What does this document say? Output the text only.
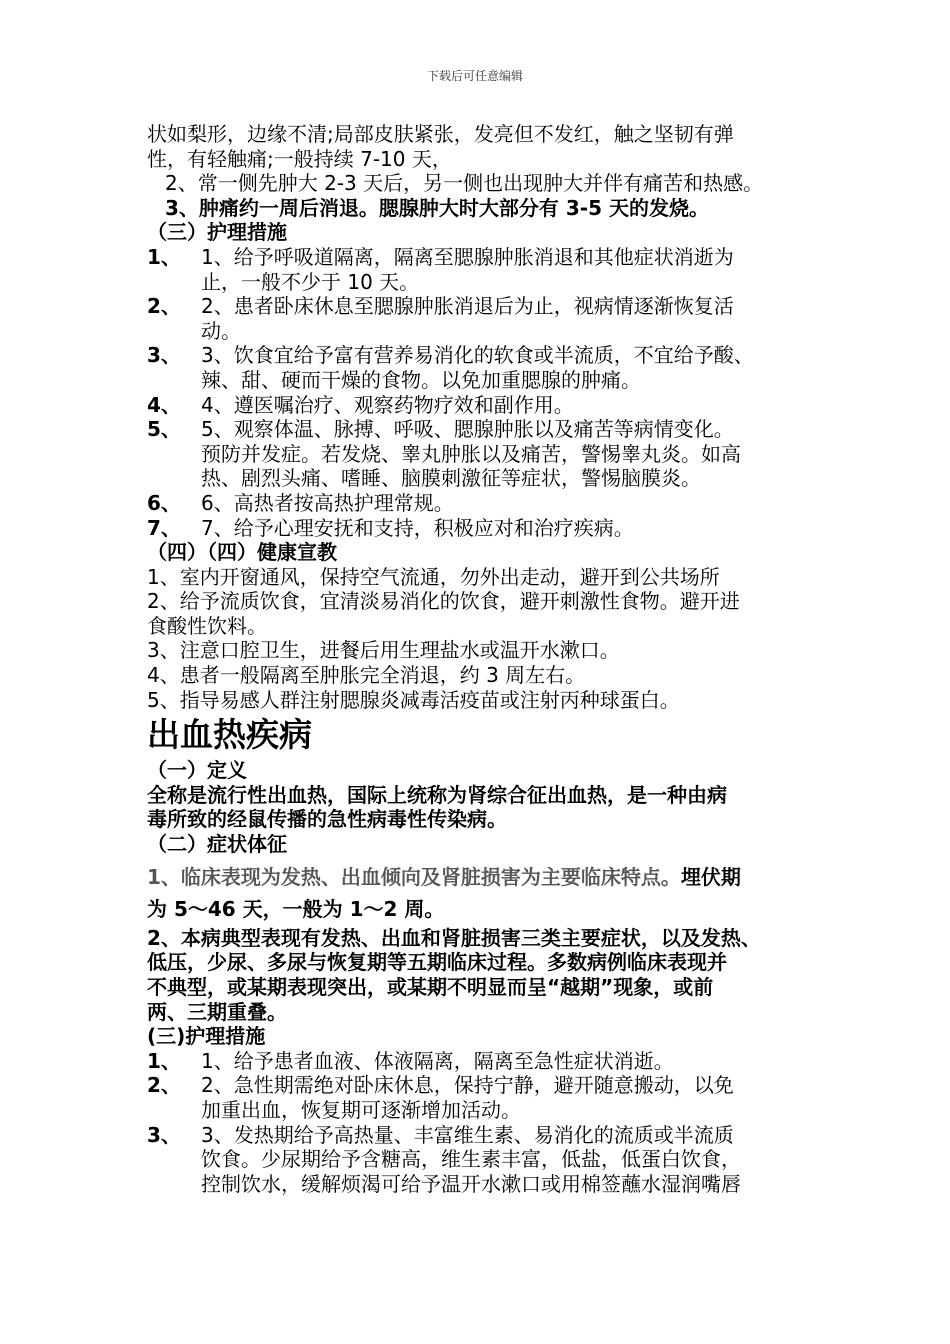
下载后可任意编辑
状如梨形，边缘不清;局部皮肤紧张，发亮但不发红，触之坚韧有弹
性，有轻触痛;一般持续 7-10 天，
2、常一侧先肿大 2-3 天后，另一侧也出现肿大并伴有痛苦和热感。
3、肿痛约一周后消退。腮腺肿大时大部分有 3-5 天的发烧。
（三）护理措施
1、	1、给予呼吸道隔离，隔离至腮腺肿胀消退和其他症状消逝为
止，一般不少于 10 天。
2、	2、患者卧床休息至腮腺肿胀消退后为止，视病情逐渐恢复活
动。
3、	3、饮食宜给予富有营养易消化的软食或半流质，不宜给予酸、
辣、甜、硬而干燥的食物。以免加重腮腺的肿痛。
4、	4、遵医嘱治疗、观察药物疗效和副作用。
5、	5、观察体温、脉搏、呼吸、腮腺肿胀以及痛苦等病情变化。
预防并发症。若发烧、睾丸肿胀以及痛苦，警惕睾丸炎。如高
热、剧烈头痛、嗜睡、脑膜刺激征等症状，警惕脑膜炎。
6、	6、高热者按高热护理常规。
7、	7、给予心理安抚和支持，积极应对和治疗疾病。
（四）（四）健康宣教
1、室内开窗通风，保持空气流通，勿外出走动，避开到公共场所
2、给予流质饮食，宜清淡易消化的饮食，避开刺激性食物。避开进
食酸性饮料。
3、注意口腔卫生，进餐后用生理盐水或温开水漱口。
4、患者一般隔离至肿胀完全消退，约 3 周左右。
5、指导易感人群注射腮腺炎减毒活疫苗或注射丙种球蛋白。
出血热疾病
（一）定义
全称是流行性出血热，国际上统称为肾综合征出血热，是一种由病
毒所致的经鼠传播的急性病毒性传染病。
（二）症状体征
1、临床表现为发热、出血倾向及肾脏损害为主要临床特点。埋伏期
为 5～46 天，一般为 1～2 周。
2、本病典型表现有发热、出血和肾脏损害三类主要症状，以及发热、
低压，少尿、多尿与恢复期等五期临床过程。多数病例临床表现并
不典型，或某期表现突出，或某期不明显而呈“越期”现象，或前
两、三期重叠。
(三)护理措施
1、	1、给予患者血液、体液隔离，隔离至急性症状消逝。
2、	2、急性期需绝对卧床休息，保持宁静，避开随意搬动，以免
加重出血，恢复期可逐渐增加活动。
3、	3、发热期给予高热量、丰富维生素、易消化的流质或半流质
饮食。少尿期给予含糖高，维生素丰富，低盐，低蛋白饮食，
控制饮水，缓解烦渴可给予温开水漱口或用棉签蘸水湿润嘴唇
